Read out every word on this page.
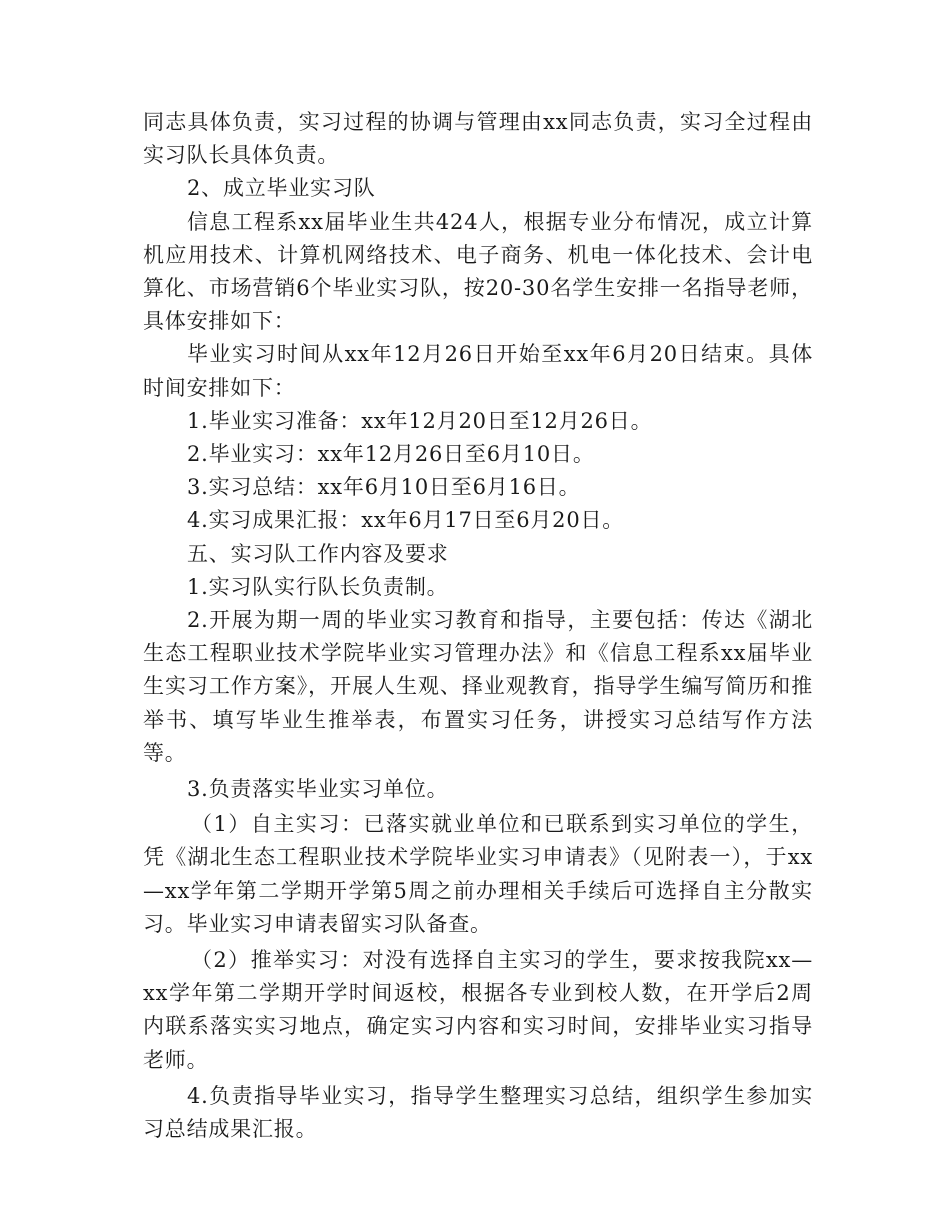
同志具体负责，实习过程的协调与管理由xx同志负责，实习全过程由实习队长具体负责。

2、成立毕业实习队

信息工程系xx届毕业生共424人，根据专业分布情况，成立计算机应用技术、计算机网络技术、电子商务、机电一体化技术、会计电算化、市场营销6个毕业实习队，按20-30名学生安排一名指导老师，具体安排如下：

毕业实习时间从xx年12月26日开始至xx年6月20日结束。具体时间安排如下：

1.毕业实习准备：xx年12月20日至12月26日。

2.毕业实习：xx年12月26日至6月10日。

3.实习总结：xx年6月10日至6月16日。

4.实习成果汇报：xx年6月17日至6月20日。

五、实习队工作内容及要求

1.实习队实行队长负责制。

2.开展为期一周的毕业实习教育和指导，主要包括：传达《湖北生态工程职业技术学院毕业实习管理办法》和《信息工程系xx届毕业生实习工作方案》，开展人生观、择业观教育，指导学生编写简历和推举书、填写毕业生推举表，布置实习任务，讲授实习总结写作方法等。

3.负责落实毕业实习单位。

（1）自主实习：已落实就业单位和已联系到实习单位的学生，凭《湖北生态工程职业技术学院毕业实习申请表》（见附表一），于xx—xx学年第二学期开学第5周之前办理相关手续后可选择自主分散实习。毕业实习申请表留实习队备查。

（2）推举实习：对没有选择自主实习的学生，要求按我院xx—xx学年第二学期开学时间返校，根据各专业到校人数，在开学后2周内联系落实实习地点，确定实习内容和实习时间，安排毕业实习指导老师。

4.负责指导毕业实习，指导学生整理实习总结，组织学生参加实习总结成果汇报。
